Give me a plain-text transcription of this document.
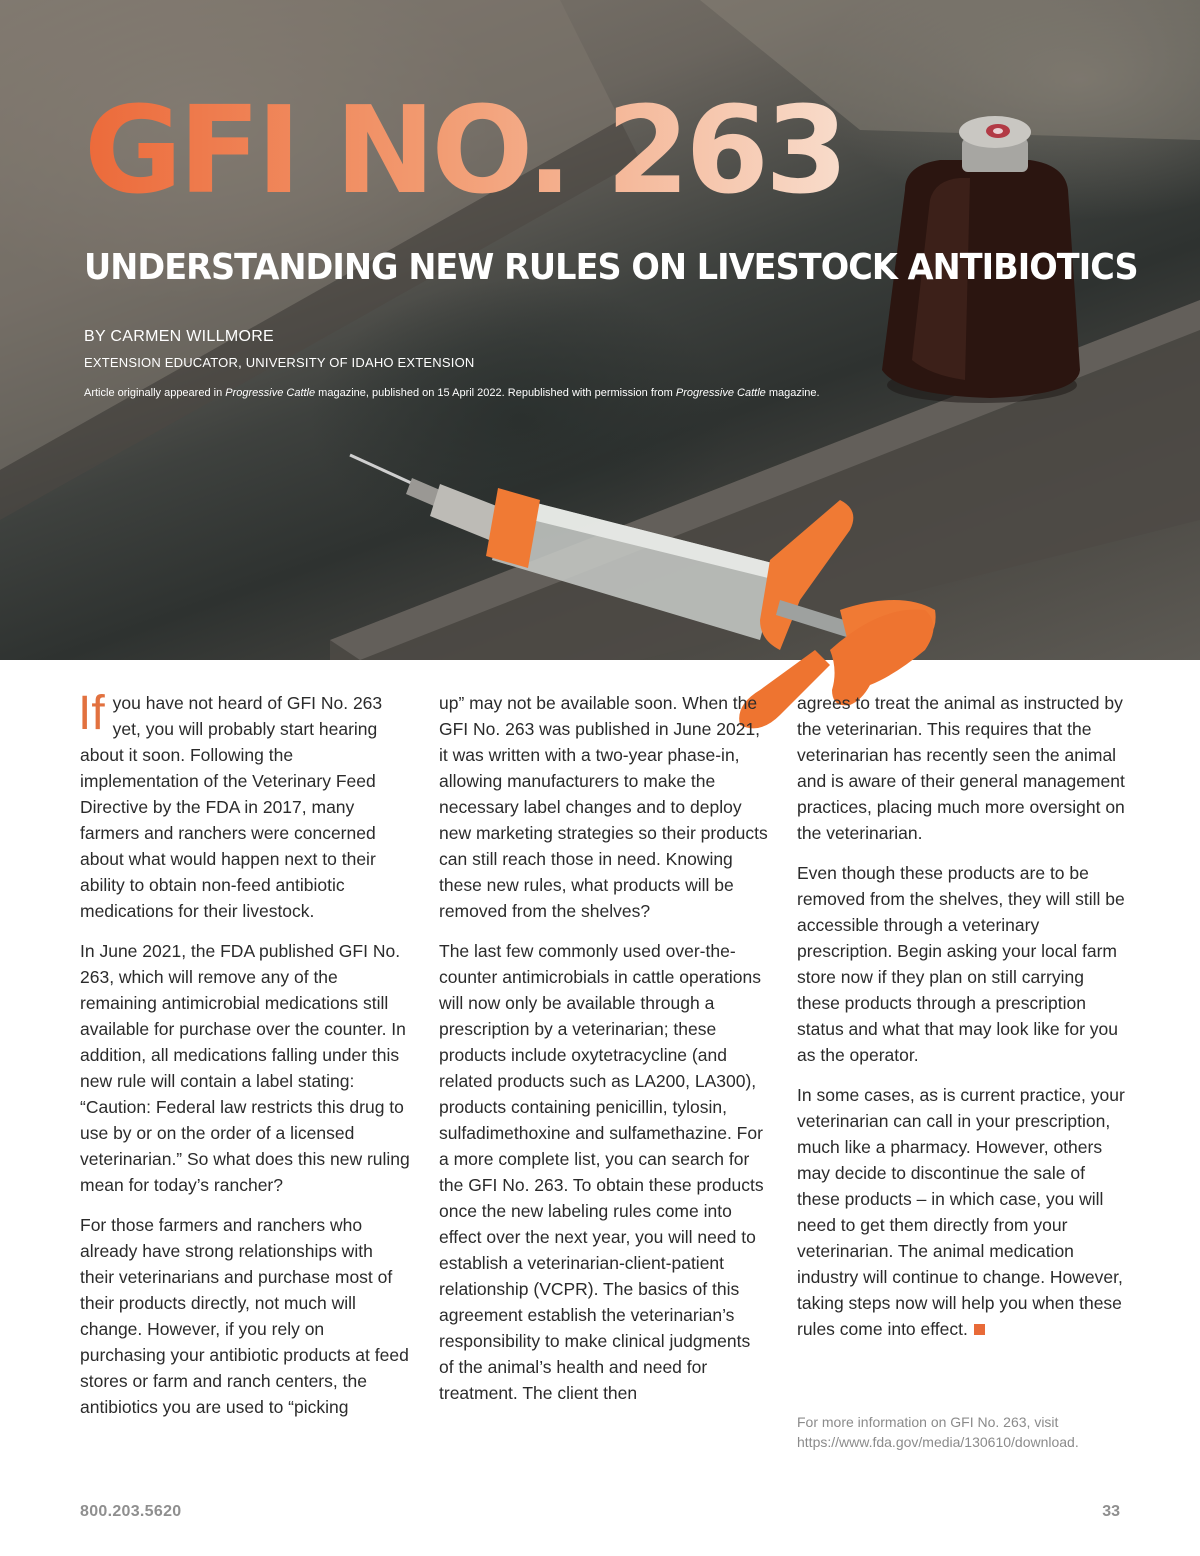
GFI NO. 263
UNDERSTANDING NEW RULES ON LIVESTOCK ANTIBIOTICS
BY CARMEN WILLMORE
EXTENSION EDUCATOR, UNIVERSITY OF IDAHO EXTENSION
Article originally appeared in Progressive Cattle magazine, published on 15 April 2022. Republished with permission from Progressive Cattle magazine.

If you have not heard of GFI No. 263 yet, you will probably start hearing about it soon. Following the implementation of the Veterinary Feed Directive by the FDA in 2017, many farmers and ranchers were concerned about what would happen next to their ability to obtain non-feed antibiotic medications for their livestock.

In June 2021, the FDA published GFI No. 263, which will remove any of the remaining antimicrobial medications still available for purchase over the counter. In addition, all medications falling under this new rule will contain a label stating: “Caution: Federal law restricts this drug to use by or on the order of a licensed veterinarian.” So what does this new ruling mean for today’s rancher?

For those farmers and ranchers who already have strong relationships with their veterinarians and purchase most of their products directly, not much will change. However, if you rely on purchasing your antibiotic products at feed stores or farm and ranch centers, the antibiotics you are used to “picking

up” may not be available soon. When the GFI No. 263 was published in June 2021, it was written with a two-year phase-in, allowing manufacturers to make the necessary label changes and to deploy new marketing strategies so their products can still reach those in need. Knowing these new rules, what products will be removed from the shelves?

The last few commonly used over-the-counter antimicrobials in cattle operations will now only be available through a prescription by a veterinarian; these products include oxytetracycline (and related products such as LA200, LA300), products containing penicillin, tylosin, sulfadimethoxine and sulfamethazine. For a more complete list, you can search for the GFI No. 263. To obtain these products once the new labeling rules come into effect over the next year, you will need to establish a veterinarian-client-patient relationship (VCPR). The basics of this agreement establish the veterinarian’s responsibility to make clinical judgments of the animal’s health and need for treatment. The client then

agrees to treat the animal as instructed by the veterinarian. This requires that the veterinarian has recently seen the animal and is aware of their general management practices, placing much more oversight on the veterinarian.

Even though these products are to be removed from the shelves, they will still be accessible through a veterinary prescription. Begin asking your local farm store now if they plan on still carrying these products through a prescription status and what that may look like for you as the operator.

In some cases, as is current practice, your veterinarian can call in your prescription, much like a pharmacy. However, others may decide to discontinue the sale of these products – in which case, you will need to get them directly from your veterinarian. The animal medication industry will continue to change. However, taking steps now will help you when these rules come into effect.

For more information on GFI No. 263, visit https://www.fda.gov/media/130610/download.
800.203.5620	33
